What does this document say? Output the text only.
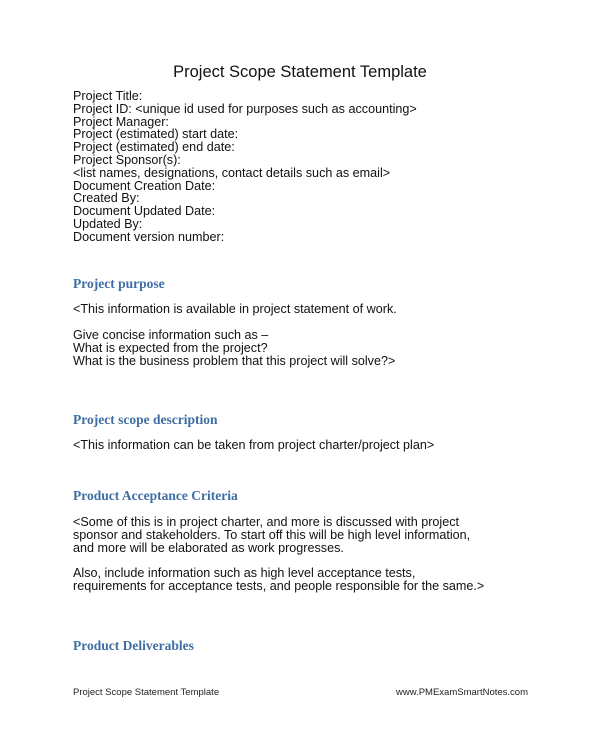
Project Scope Statement Template
Project Title:
Project ID: <unique id used for purposes such as accounting>
Project Manager:
Project (estimated) start date:
Project (estimated) end date:
Project Sponsor(s):
<list names, designations, contact details such as email>
Document Creation Date:
Created By:
Document Updated Date:
Updated By:
Document version number:
Project purpose
<This information is available in project statement of work.
Give concise information such as –
What is expected from the project?
What is the business problem that this project will solve?>
Project scope description
<This information can be taken from project charter/project plan>
Product Acceptance Criteria
<Some of this is in project charter, and more is discussed with project
sponsor and stakeholders. To start off this will be high level information,
and more will be elaborated as work progresses.
Also, include information such as high level acceptance tests,
requirements for acceptance tests, and people responsible for the same.>
Product Deliverables
Project Scope Statement Template	www.PMExamSmartNotes.com
